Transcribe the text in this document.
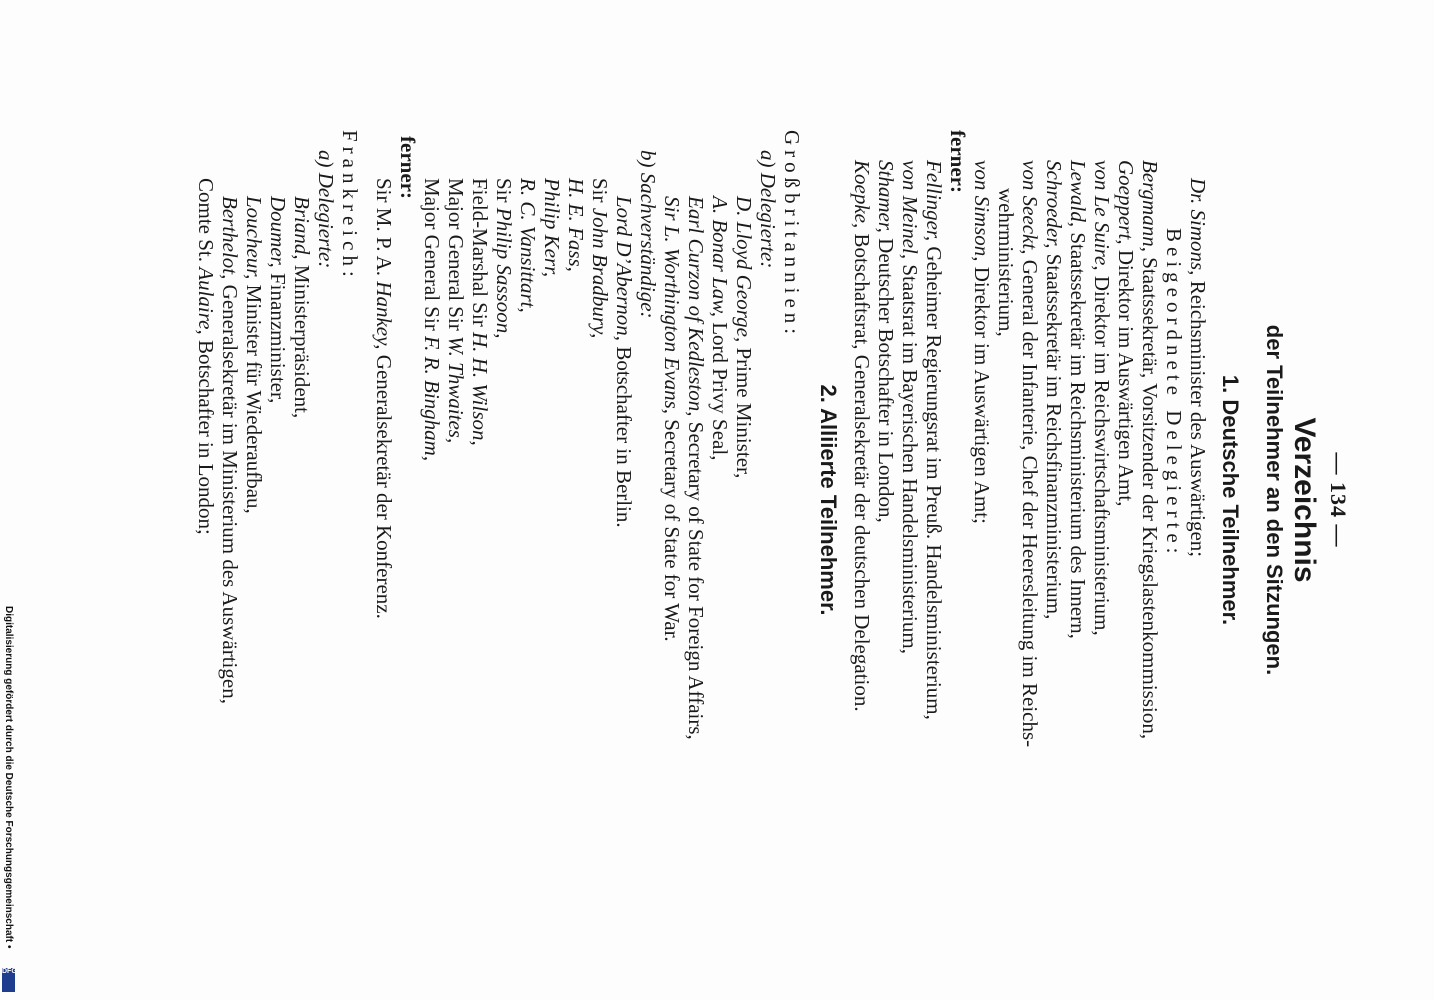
— 134 —
Verzeichnis
der Teilnehmer an den Sitzungen.
1. Deutsche Teilnehmer.
Dr. Simons, Reichsminister des Auswärtigen;
Beigeordnete Delegierte:
Bergmann, Staatssekretär, Vorsitzender der Kriegslastenkommission,
Goeppert, Direktor im Auswärtigen Amt,
von Le Suire, Direktor im Reichswirtschaftsministerium,
Lewald, Staatssekretär im Reichsministerium des Innern,
Schroeder, Staatssekretär im Reichsfinanzministerium,
von Seeckt, General der Infanterie, Chef der Heeresleitung im Reichs-
wehrministerium,
von Simson, Direktor im Auswärtigen Amt;
ferner:
Fellinger, Geheimer Regierungsrat im Preuß. Handelsministerium,
von Meinel, Staatsrat im Bayerischen Handelsministerium,
Sthamer, Deutscher Botschafter in London,
Koepke, Botschaftsrat, Generalsekretär der deutschen Delegation.
2. Alliierte Teilnehmer.
Großbritannien:
a) Delegierte:
D. Lloyd George, Prime Minister,
A. Bonar Law, Lord Privy Seal,
Earl Curzon of Kedleston, Secretary of State for Foreign Affairs,
Sir L. Worthington Evans, Secretary of State for War.
b) Sachverständige:
Lord D’Abernon, Botschafter in Berlin.
Sir John Bradbury,
H. E. Fass,
Philip Kerr,
R. C. Vansittart,
Sir Philip Sassoon,
Field-Marshal Sir H. H. Wilson,
Major General Sir W. Thwaites,
Major General Sir F. R. Bingham,
ferner:
Sir M. P. A. Hankey, Generalsekretär der Konferenz.
Frankreich:
a) Delegierte:
Briand, Ministerpräsident,
Doumer, Finanzminister,
Loucheur, Minister für Wiederaufbau,
Berthelot, Generalsekretär im Ministerium des Auswärtigen,
Comte St. Aulaire, Botschafter in London;
Digitalisierung gefördert durch die Deutsche Forschungsgemeinschaft •
DFG
